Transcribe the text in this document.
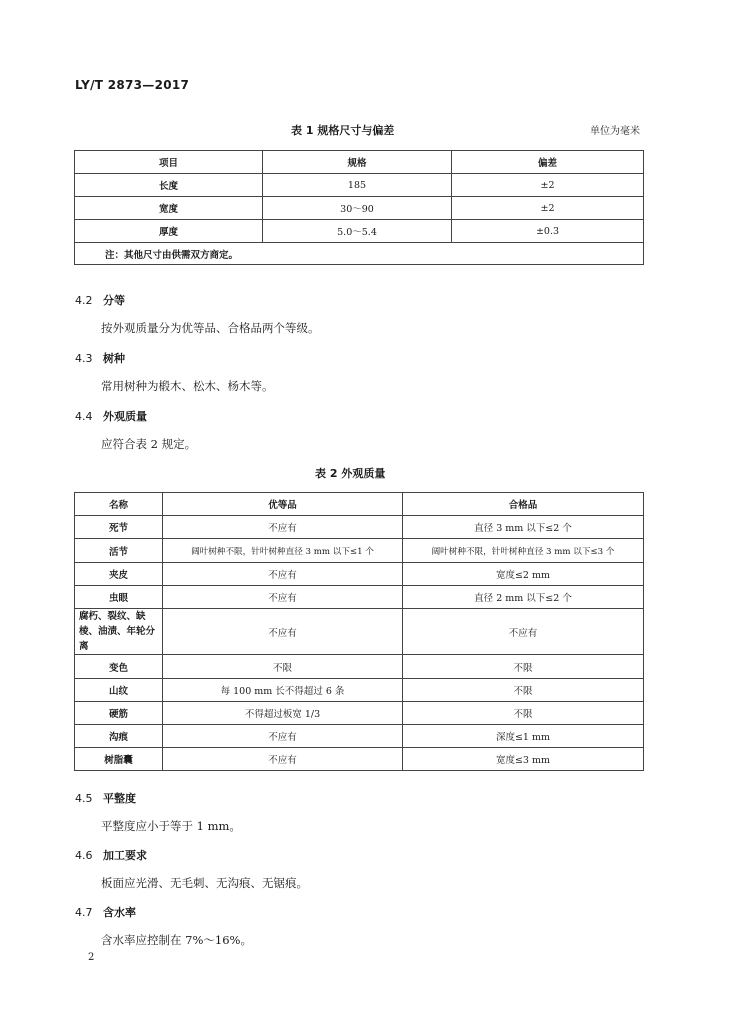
LY/T 2873—2017
表 1 规格尺寸与偏差	单位为毫米
项目	规格	偏差
长度	185	±2
宽度	30～90	±2
厚度	5.0～5.4	±0.3
注：其他尺寸由供需双方商定。		
4.2 分等
按外观质量分为优等品、合格品两个等级。
4.3 树种
常用树种为椴木、松木、杨木等。
4.4 外观质量
应符合表 2 规定。
表 2 外观质量
名称	优等品	合格品
死节	不应有	直径 3 mm 以下≤2 个
活节	阔叶树种不限，针叶树种直径 3 mm 以下≤1 个	阔叶树种不限，针叶树种直径 3 mm 以下≤3 个
夹皮	不应有	宽度≤2 mm
虫眼	不应有	直径 2 mm 以下≤2 个
腐朽、裂纹、缺棱、油渍、年轮分离	不应有	不应有
变色	不限	不限
山纹	每 100 mm 长不得超过 6 条	不限
硬筋	不得超过板宽 1/3	不限
沟痕	不应有	深度≤1 mm
树脂囊	不应有	宽度≤3 mm
4.5 平整度
平整度应小于等于 1 mm。
4.6 加工要求
板面应光滑、无毛刺、无沟痕、无锯痕。
4.7 含水率
含水率应控制在 7%～16%。
2
